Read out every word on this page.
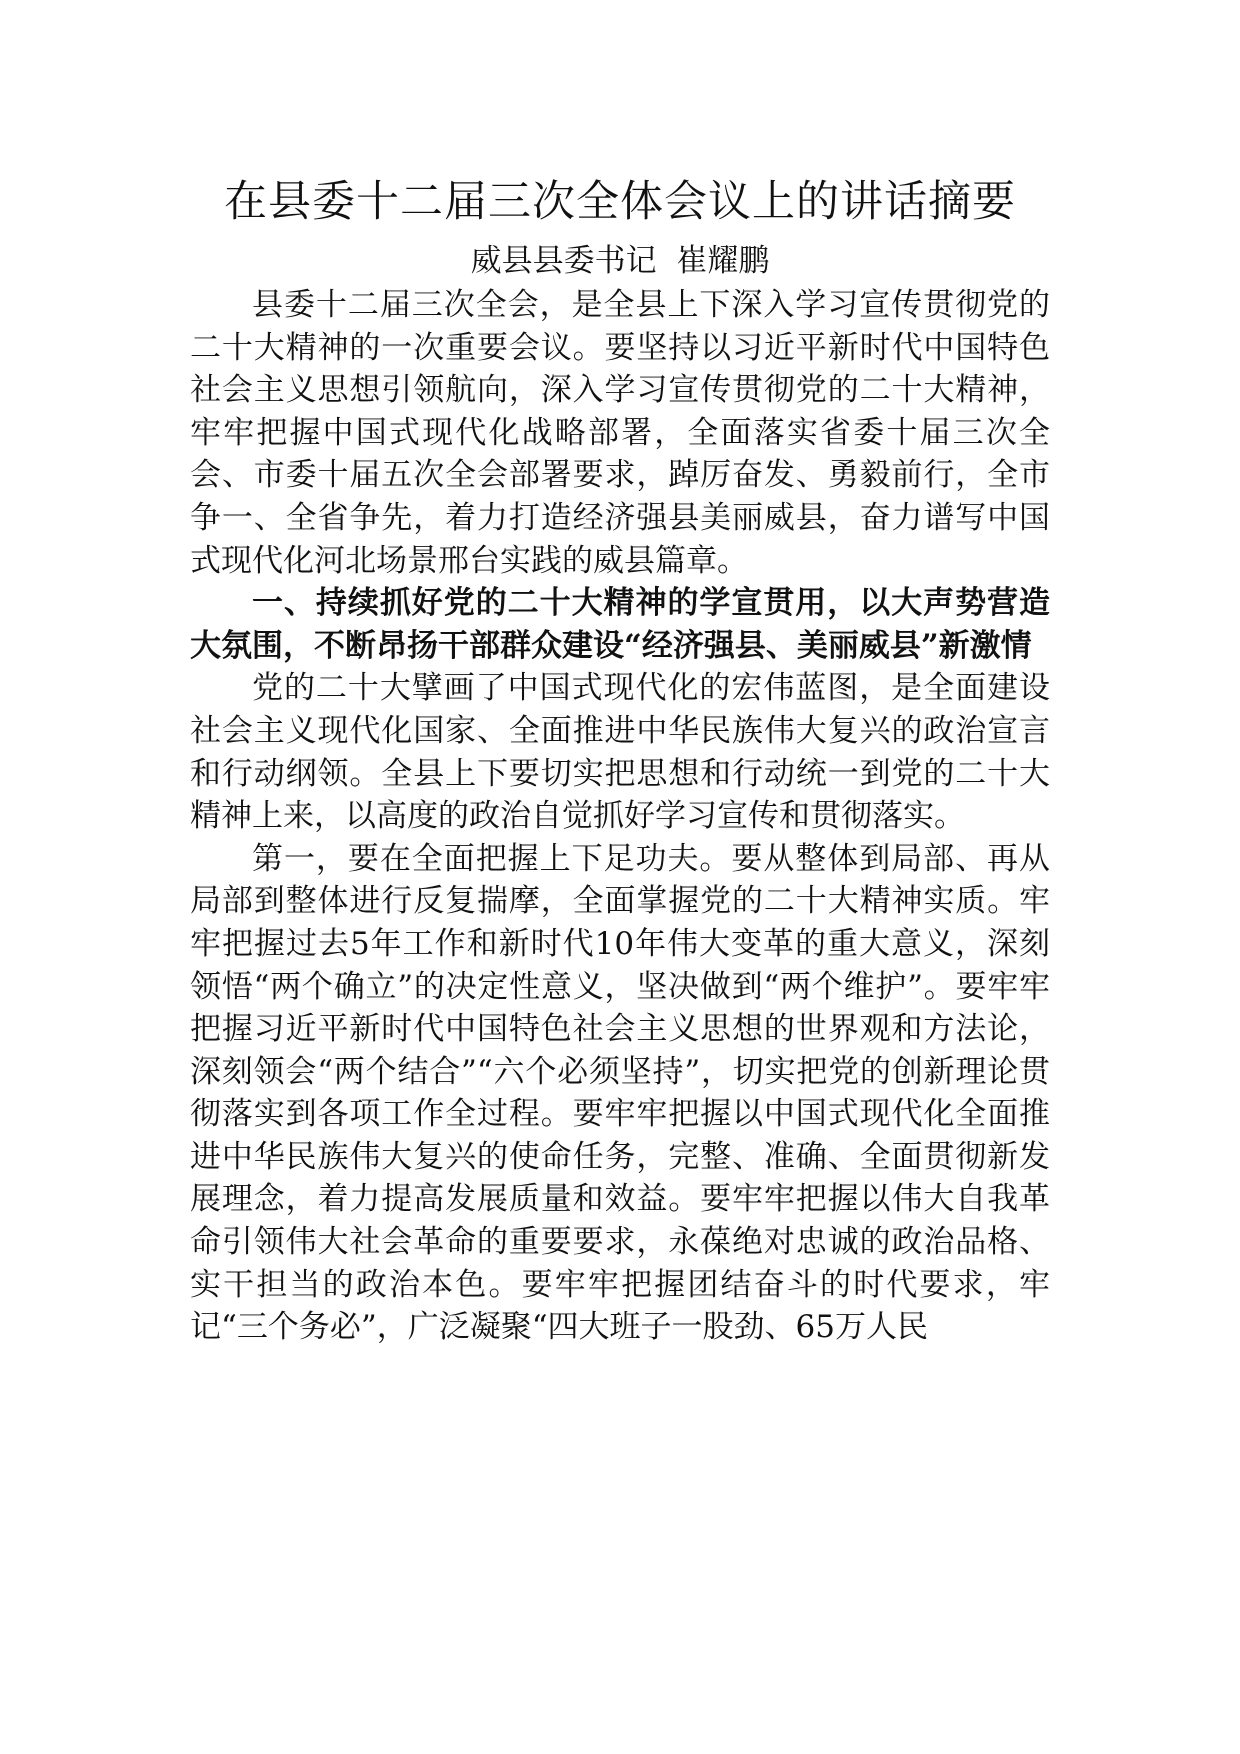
在县委十二届三次全体会议上的讲话摘要
威县县委书记  崔耀鹏

县委十二届三次全会，是全县上下深入学习宣传贯彻党的二十大精神的一次重要会议。要坚持以习近平新时代中国特色社会主义思想引领航向，深入学习宣传贯彻党的二十大精神，牢牢把握中国式现代化战略部署，全面落实省委十届三次全会、市委十届五次全会部署要求，踔厉奋发、勇毅前行，全市争一、全省争先，着力打造经济强县美丽威县，奋力谱写中国式现代化河北场景邢台实践的威县篇章。

一、持续抓好党的二十大精神的学宣贯用，以大声势营造大氛围，不断昂扬干部群众建设“经济强县、美丽威县”新激情

党的二十大擘画了中国式现代化的宏伟蓝图，是全面建设社会主义现代化国家、全面推进中华民族伟大复兴的政治宣言和行动纲领。全县上下要切实把思想和行动统一到党的二十大精神上来，以高度的政治自觉抓好学习宣传和贯彻落实。

第一，要在全面把握上下足功夫。要从整体到局部、再从局部到整体进行反复揣摩，全面掌握党的二十大精神实质。牢牢把握过去5年工作和新时代10年伟大变革的重大意义，深刻领悟“两个确立”的决定性意义，坚决做到“两个维护”。要牢牢把握习近平新时代中国特色社会主义思想的世界观和方法论，深刻领会“两个结合”“六个必须坚持”，切实把党的创新理论贯彻落实到各项工作全过程。要牢牢把握以中国式现代化全面推进中华民族伟大复兴的使命任务，完整、准确、全面贯彻新发展理念，着力提高发展质量和效益。要牢牢把握以伟大自我革命引领伟大社会革命的重要要求，永葆绝对忠诚的政治品格、实干担当的政治本色。要牢牢把握团结奋斗的时代要求，牢记“三个务必”，广泛凝聚“四大班子一股劲、65万人民
